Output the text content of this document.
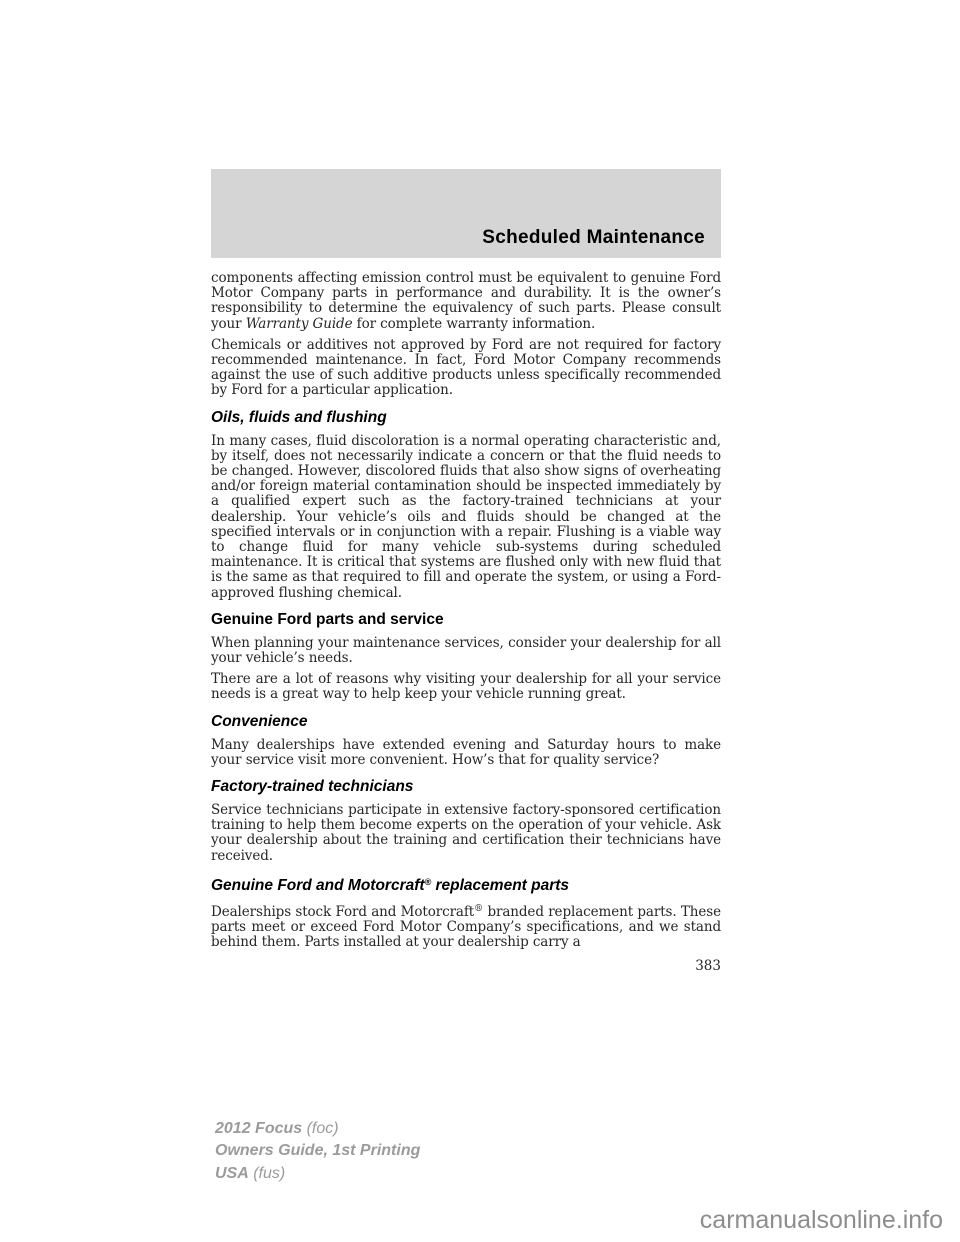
Scheduled Maintenance

components affecting emission control must be equivalent to genuine Ford Motor Company parts in performance and durability. It is the owner’s responsibility to determine the equivalency of such parts. Please consult your Warranty Guide for complete warranty information.

Chemicals or additives not approved by Ford are not required for factory recommended maintenance. In fact, Ford Motor Company recommends against the use of such additive products unless specifically recommended by Ford for a particular application.

Oils, fluids and flushing

In many cases, fluid discoloration is a normal operating characteristic and, by itself, does not necessarily indicate a concern or that the fluid needs to be changed. However, discolored fluids that also show signs of overheating and/or foreign material contamination should be inspected immediately by a qualified expert such as the factory-trained technicians at your dealership. Your vehicle’s oils and fluids should be changed at the specified intervals or in conjunction with a repair. Flushing is a viable way to change fluid for many vehicle sub-systems during scheduled maintenance. It is critical that systems are flushed only with new fluid that is the same as that required to fill and operate the system, or using a Ford-approved flushing chemical.

Genuine Ford parts and service

When planning your maintenance services, consider your dealership for all your vehicle’s needs.

There are a lot of reasons why visiting your dealership for all your service needs is a great way to help keep your vehicle running great.

Convenience

Many dealerships have extended evening and Saturday hours to make your service visit more convenient. How’s that for quality service?

Factory-trained technicians

Service technicians participate in extensive factory-sponsored certification training to help them become experts on the operation of your vehicle. Ask your dealership about the training and certification their technicians have received.

Genuine Ford and Motorcraft® replacement parts

Dealerships stock Ford and Motorcraft® branded replacement parts. These parts meet or exceed Ford Motor Company’s specifications, and we stand behind them. Parts installed at your dealership carry a

383
2012 Focus (foc)
Owners Guide, 1st Printing
USA (fus)
carmanualsonline.info
